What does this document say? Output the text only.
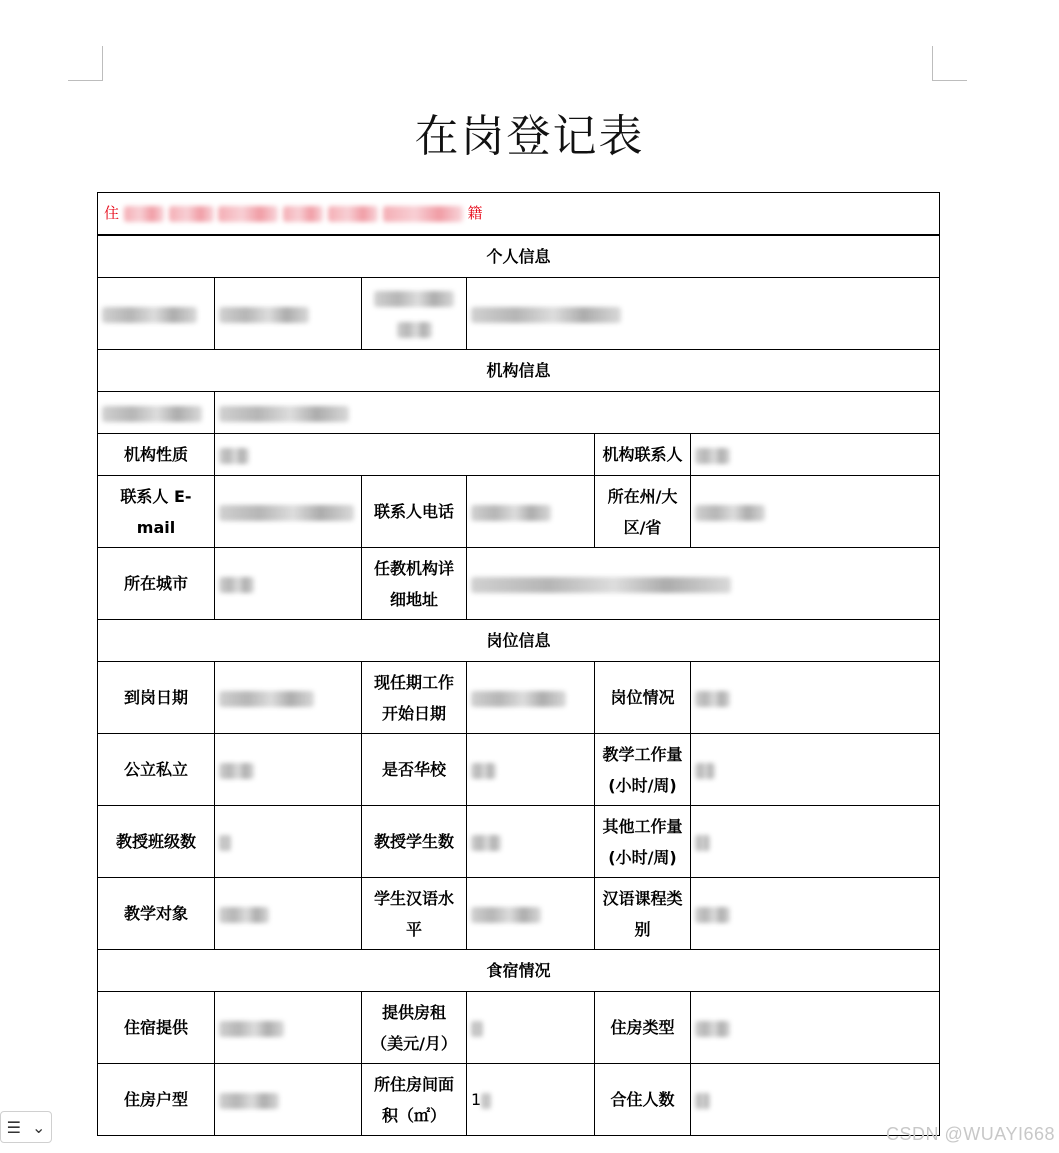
在岗登记表
住 籍					
个人信息					

机构信息					

机构性质				机构联系人	
联系人 E-mail		联系人电话		所在州/大区/省	
所在城市		任教机构详细地址			
岗位信息					
到岗日期		现任期工作开始日期		岗位情况	
公立私立		是否华校		教学工作量(小时/周)	
教授班级数		教授学生数		其他工作量(小时/周)	
教学对象		学生汉语水平		汉语课程类别	
食宿情况					
住宿提供		提供房租（美元/月）		住房类型	
住房户型		所住房间面积（㎡）	1	合住人数	
☰ ⌄	CSDN @WUAYI668
